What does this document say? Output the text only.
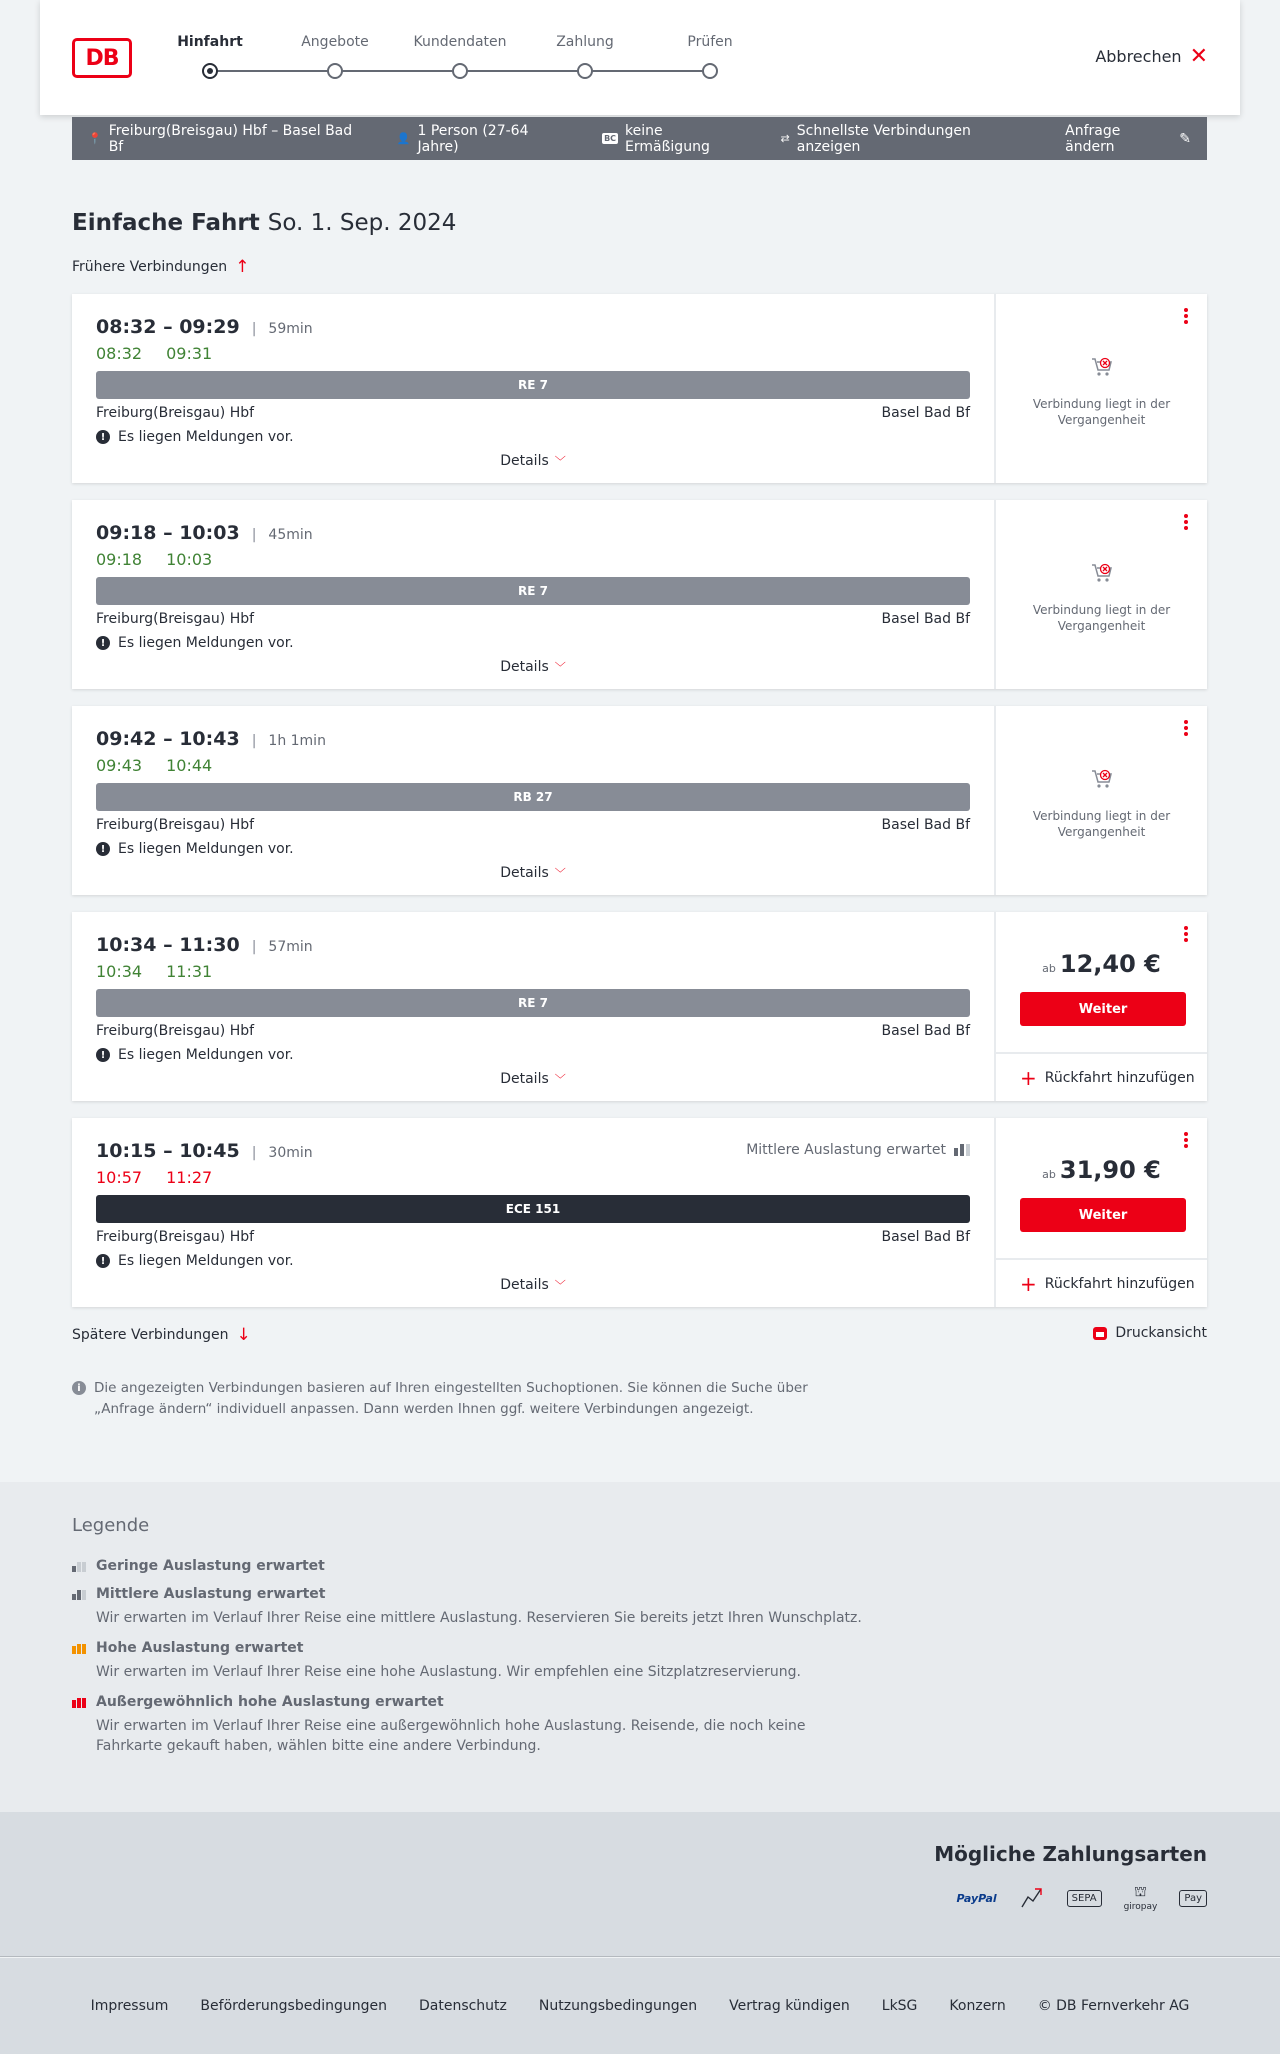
DB
Hinfahrt	Angebote	Kundendaten	Zahlung	Prüfen
Abbrechen ✕
📍 Freiburg(Breisgau) Hbf – Basel Bad Bf	👤 1 Person (27-64 Jahre)	BC keine Ermäßigung	⇄ Schnellste Verbindungen anzeigen
Anfrage ändern	✎
Einfache Fahrt So. 1. Sep. 2024
Frühere Verbindungen ↑
08:32 – 09:29 | 59min
08:32 09:31
RE 7
Freiburg(Breisgau) Hbf	Basel Bad Bf
! Es liegen Meldungen vor.
Details ﹀
Verbindung liegt in der Vergangenheit
09:18 – 10:03 | 45min
09:18 10:03
RE 7
Freiburg(Breisgau) Hbf	Basel Bad Bf
! Es liegen Meldungen vor.
Details ﹀
Verbindung liegt in der Vergangenheit
09:42 – 10:43 | 1h 1min
09:43 10:44
RB 27
Freiburg(Breisgau) Hbf	Basel Bad Bf
! Es liegen Meldungen vor.
Details ﹀
Verbindung liegt in der Vergangenheit
10:34 – 11:30 | 57min
10:34 11:31
RE 7
Freiburg(Breisgau) Hbf	Basel Bad Bf
! Es liegen Meldungen vor.
Details ﹀
ab 12,40 €
Weiter
+ Rückfahrt hinzufügen
10:15 – 10:45 | 30min	Mittlere Auslastung erwartet
10:57 11:27
ECE 151
Freiburg(Breisgau) Hbf	Basel Bad Bf
! Es liegen Meldungen vor.
Details ﹀
ab 31,90 €
Weiter
+ Rückfahrt hinzufügen
Spätere Verbindungen ↓	Druckansicht
i Die angezeigten Verbindungen basieren auf Ihren eingestellten Suchoptionen. Sie können die Suche über „Anfrage ändern“ individuell anpassen. Dann werden Ihnen ggf. weitere Verbindungen angezeigt.
Legende
Geringe Auslastung erwartet
Mittlere Auslastung erwartet
Wir erwarten im Verlauf Ihrer Reise eine mittlere Auslastung. Reservieren Sie bereits jetzt Ihren Wunschplatz.
Hohe Auslastung erwartet
Wir erwarten im Verlauf Ihrer Reise eine hohe Auslastung. Wir empfehlen eine Sitzplatzreservierung.
Außergewöhnlich hohe Auslastung erwartet
Wir erwarten im Verlauf Ihrer Reise eine außergewöhnlich hohe Auslastung. Reisende, die noch keine Fahrkarte gekauft haben, wählen bitte eine andere Verbindung.
Mögliche Zahlungsarten
PayPal	SEPA	⛫
giropay
Pay
Impressum Beförderungsbedingungen Datenschutz Nutzungsbedingungen Vertrag kündigen LkSG Konzern © DB Fernverkehr AG
